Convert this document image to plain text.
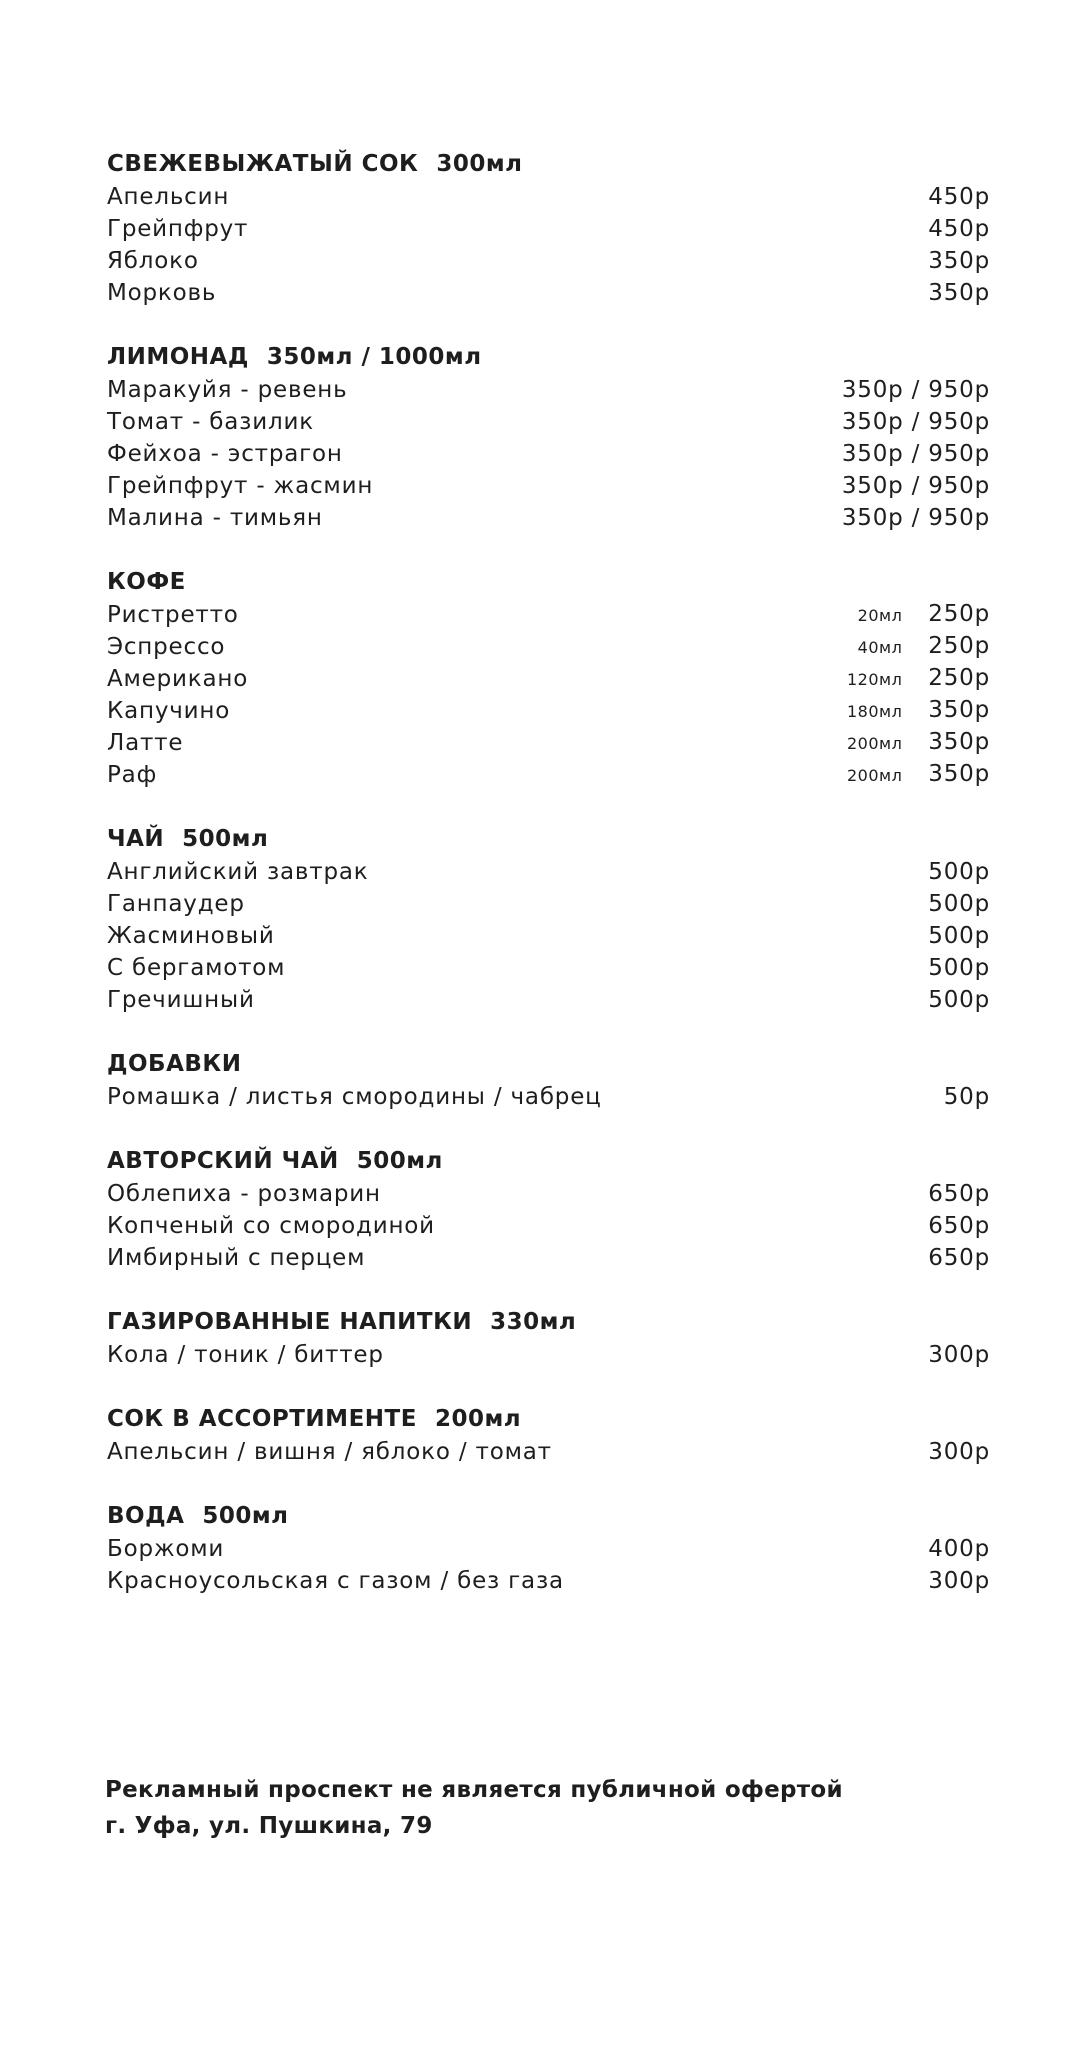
СВЕЖЕВЫЖАТЫЙ СОК 300мл
Апельсин	450р
Грейпфрут	450р
Яблоко	350р
Морковь	350р
ЛИМОНАД 350мл / 1000мл
Маракуйя - ревень	350р / 950р
Томат - базилик	350р / 950р
Фейхоа - эстрагон	350р / 950р
Грейпфрут - жасмин	350р / 950р
Малина - тимьян	350р / 950р
КОФЕ
Ристретто	20мл 250р
Эспрессо	40мл 250р
Американо	120мл 250р
Капучино	180мл 350р
Латте	200мл 350р
Раф	200мл 350р
ЧАЙ 500мл
Английский завтрак	500р
Ганпаудер	500р
Жасминовый	500р
С бергамотом	500р
Гречишный	500р
ДОБАВКИ
Ромашка / листья смородины / чабрец	50р
АВТОРСКИЙ ЧАЙ 500мл
Облепиха - розмарин	650р
Копченый со смородиной	650р
Имбирный с перцем	650р
ГАЗИРОВАННЫЕ НАПИТКИ 330мл
Кола / тоник / биттер	300р
СОК В АССОРТИМЕНТЕ 200мл
Апельсин / вишня / яблоко / томат	300р
ВОДА 500мл
Боржоми	400р
Красноусольская с газом / без газа	300р
Рекламный проспект не является публичной офертой
г. Уфа, ул. Пушкина, 79
